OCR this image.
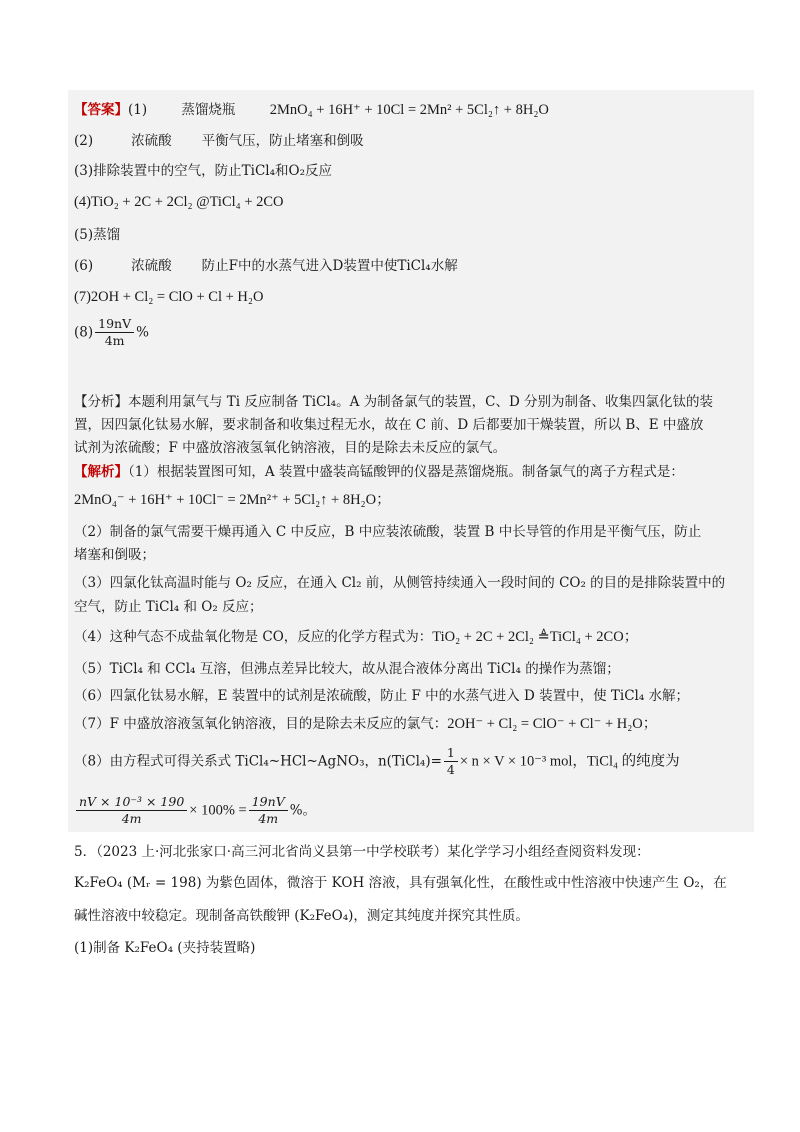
【答案】(1)	蒸馏烧瓶 2MnO₄ + 16H⁺ + 10Cl = 2Mn² + 5Cl₂↑ + 8H₂O
(2)	浓硫酸 平衡气压，防止堵塞和倒吸
(3)排除装置中的空气，防止TiCl₄和O₂反应
(4)TiO₂ + 2C + 2Cl₂ @TiCl₄ + 2CO
(5)蒸馏
(6)	浓硫酸 防止F中的水蒸气进入D装置中使TiCl₄水解
(7)2OH + Cl₂ = ClO + Cl + H₂O
$(8) \frac{19nV}{4m}$ %
【分析】本题利用氯气与 Ti 反应制备 TiCl₄。A 为制备氯气的装置，C、D 分别为制备、收集四氯化钛的装
置，因四氯化钛易水解，要求制备和收集过程无水，故在 C 前、D 后都要加干燥装置，所以 B、E 中盛放
试剂为浓硫酸；F 中盛放溶液氢氧化钠溶液，目的是除去未反应的氯气。
【解析】（1）根据装置图可知，A 装置中盛装高锰酸钾的仪器是蒸馏烧瓶。制备氯气的离子方程式是：
2MnO₄⁻ + 16H⁺ + 10Cl⁻ = 2Mn²⁺ + 5Cl₂↑ + 8H₂O；
（2）制备的氯气需要干燥再通入 C 中反应，B 中应装浓硫酸，装置 B 中长导管的作用是平衡气压，防止
堵塞和倒吸；
（3）四氯化钛高温时能与 O₂ 反应，在通入 Cl₂ 前，从侧管持续通入一段时间的 CO₂ 的目的是排除装置中的
空气，防止 TiCl₄ 和 O₂ 反应；
（4）这种气态不成盐氧化物是 CO，反应的化学方程式为：TiO₂ + 2C + 2Cl₂ ≜TiCl₄ + 2CO；
（5）TiCl₄ 和 CCl₄ 互溶，但沸点差异比较大，故从混合液体分离出 TiCl₄ 的操作为蒸馏；
（6）四氯化钛易水解，E 装置中的试剂是浓硫酸，防止 F 中的水蒸气进入 D 装置中，使 TiCl₄ 水解；
（7）F 中盛放溶液氢氧化钠溶液，目的是除去未反应的氯气：2OH⁻ + Cl₂ = ClO⁻ + Cl⁻ + H₂O；
（8）由方程式可得关系式 TiCl₄~HCl~AgNO₃，n(TiCl₄)= $\frac{1}{4} \times n \times V \times 10^{-3}$ mol，TiCl₄ 的纯度为
$\frac{\text{nV × 10⁻³ × 190}}{4m} \times 100\% = \frac{19nV}{4m}$ %。
5．（2023 上·河北张家口·高三河北省尚义县第一中学校联考）某化学学习小组经查阅资料发现：
K₂FeO₄ (Mᵣ = 198) 为紫色固体，微溶于 KOH 溶液，具有强氧化性，在酸性或中性溶液中快速产生 O₂，在
碱性溶液中较稳定。现制备高铁酸钾 (K₂FeO₄)，测定其纯度并探究其性质。
(1)制备 K₂FeO₄ (夹持装置略)
